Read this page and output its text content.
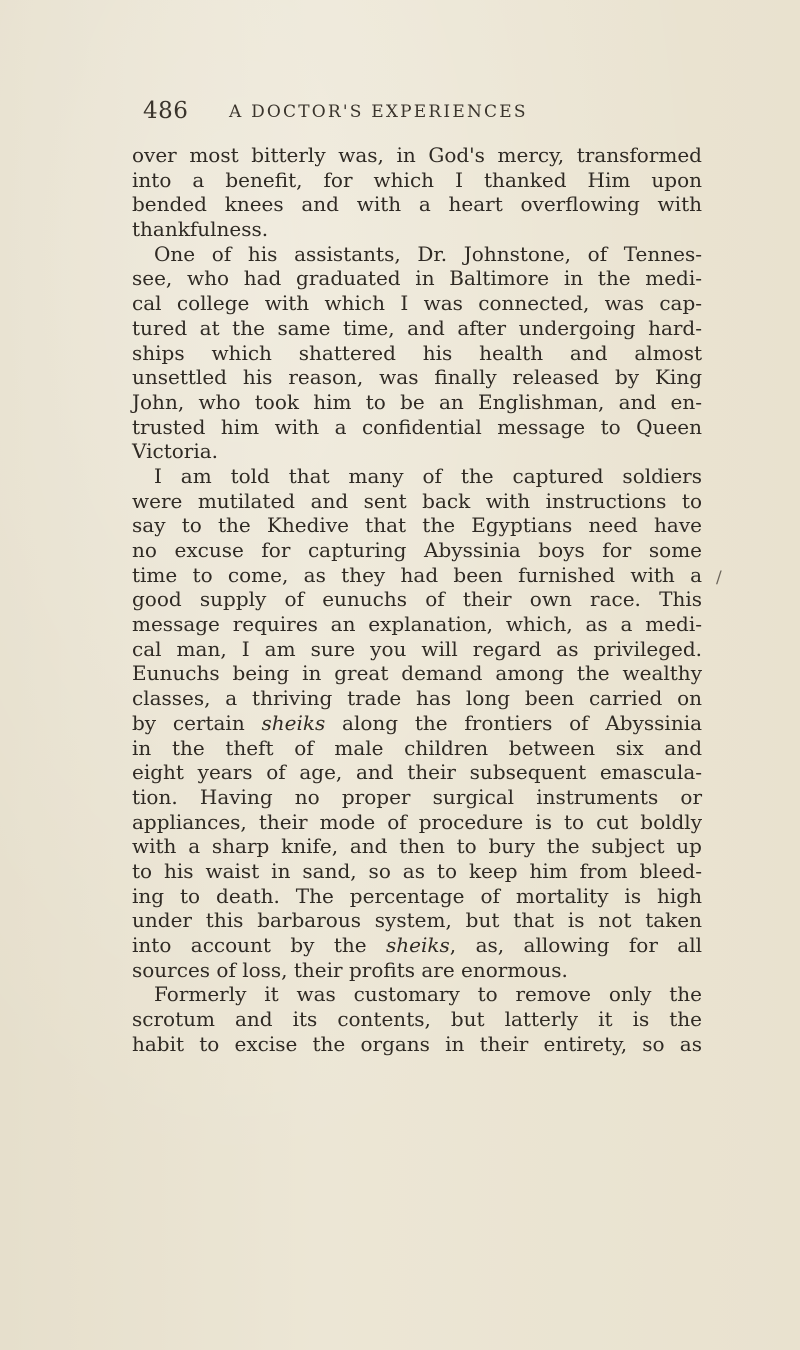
486 A DOCTOR'S EXPERIENCES
over most bitterly was, in God's mercy, transformed
into a benefit, for which I thanked Him upon
bended knees and with a heart overflowing with
thankfulness.
One of his assistants, Dr. Johnstone, of Tennes-
see, who had graduated in Baltimore in the medi-
cal college with which I was connected, was cap-
tured at the same time, and after undergoing hard-
ships which shattered his health and almost
unsettled his reason, was finally released by King
John, who took him to be an Englishman, and en-
trusted him with a confidential message to Queen
Victoria.
I am told that many of the captured soldiers
were mutilated and sent back with instructions to
say to the Khedive that the Egyptians need have
no excuse for capturing Abyssinia boys for some
time to come, as they had been furnished with a
good supply of eunuchs of their own race. This
message requires an explanation, which, as a medi-
cal man, I am sure you will regard as privileged.
Eunuchs being in great demand among the wealthy
classes, a thriving trade has long been carried on
by certain sheiks along the frontiers of Abyssinia
in the theft of male children between six and
eight years of age, and their subsequent emascula-
tion. Having no proper surgical instruments or
appliances, their mode of procedure is to cut boldly
with a sharp knife, and then to bury the subject up
to his waist in sand, so as to keep him from bleed-
ing to death. The percentage of mortality is high
under this barbarous system, but that is not taken
into account by the sheiks, as, allowing for all
sources of loss, their profits are enormous.
Formerly it was customary to remove only the
scrotum and its contents, but latterly it is the
habit to excise the organs in their entirety, so as
/
